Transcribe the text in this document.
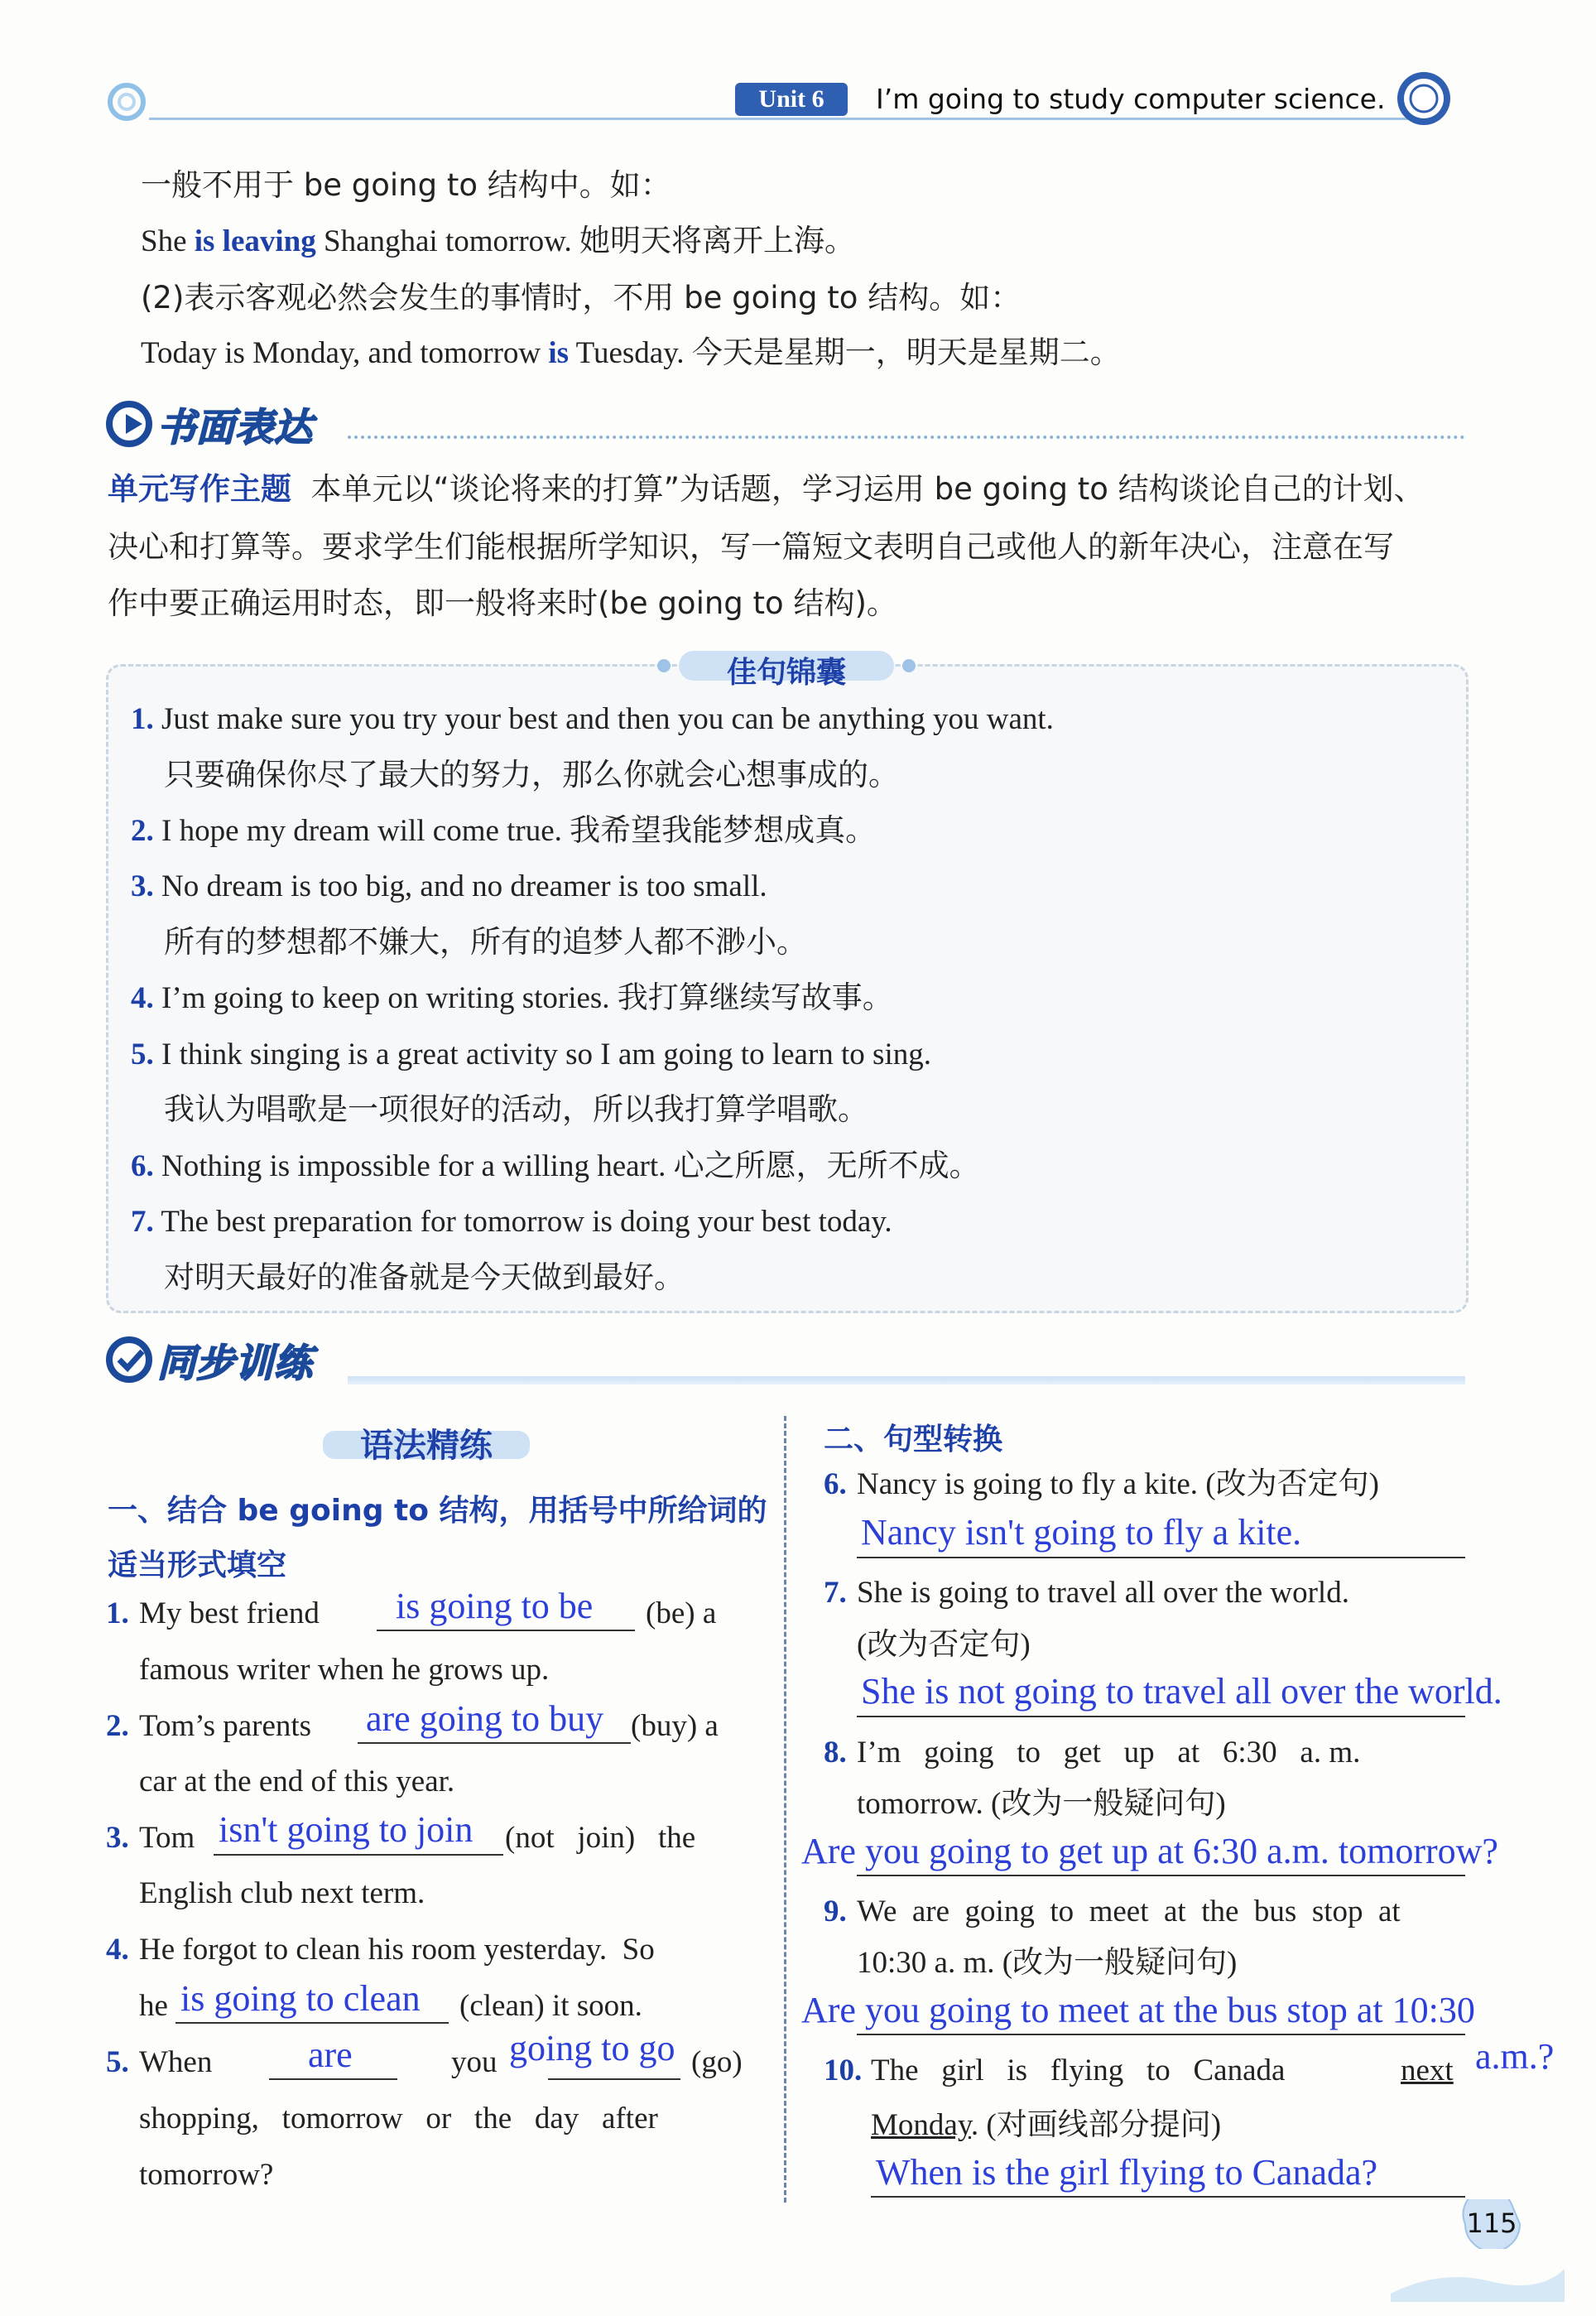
Unit 6	I’m going to study computer science.
一般不用于 be going to 结构中。如：
She is leaving Shanghai tomorrow. 她明天将离开上海。
(2)表示客观必然会发生的事情时，不用 be going to 结构。如：
Today is Monday, and tomorrow is Tuesday. 今天是星期一，明天是星期二。
书面表达
单元写作主题 本单元以“谈论将来的打算”为话题，学习运用 be going to 结构谈论自己的计划、
决心和打算等。要求学生们能根据所学知识，写一篇短文表明自己或他人的新年决心，注意在写
作中要正确运用时态，即一般将来时(be going to 结构)。
佳句锦囊
1. Just make sure you try your best and then you can be anything you want.
只要确保你尽了最大的努力，那么你就会心想事成的。
2. I hope my dream will come true. 我希望我能梦想成真。
3. No dream is too big, and no dreamer is too small.
所有的梦想都不嫌大，所有的追梦人都不渺小。
4. I’m going to keep on writing stories. 我打算继续写故事。
5. I think singing is a great activity so I am going to learn to sing.
我认为唱歌是一项很好的活动，所以我打算学唱歌。
6. Nothing is impossible for a willing heart. 心之所愿，无所不成。
7. The best preparation for tomorrow is doing your best today.
对明天最好的准备就是今天做到最好。
同步训练
语法精练
一、结合 be going to 结构，用括号中所给词的
适当形式填空
1. My best friend is going to be (be) a
famous writer when he grows up.
2. Tom’s parents are going to buy (buy) a
car at the end of this year.
3. Tom isn't going to join (not   join)   the
English club next term.
4. He forgot to clean his room yesterday.  So
he is going to clean (clean) it soon.
5. When	are	you going to go (go)
shopping,   tomorrow   or   the   day   after
tomorrow?
二、句型转换
6. Nancy is going to fly a kite. (改为否定句)
Nancy isn't going to fly a kite.
7. She is going to travel all over the world.
(改为否定句)
She is not going to travel all over the world.
8. I’m   going   to   get   up   at   6:30   a. m.
tomorrow. (改为一般疑问句)
Are you going to get up at 6:30 a.m. tomorrow?
9. We  are  going  to  meet  at  the  bus  stop  at
10:30 a. m. (改为一般疑问句)
Are you going to meet at the bus stop at 10:30
a.m.?
10. The   girl   is   flying   to   Canada	next
Monday. (对画线部分提问)
When is the girl flying to Canada?
115
